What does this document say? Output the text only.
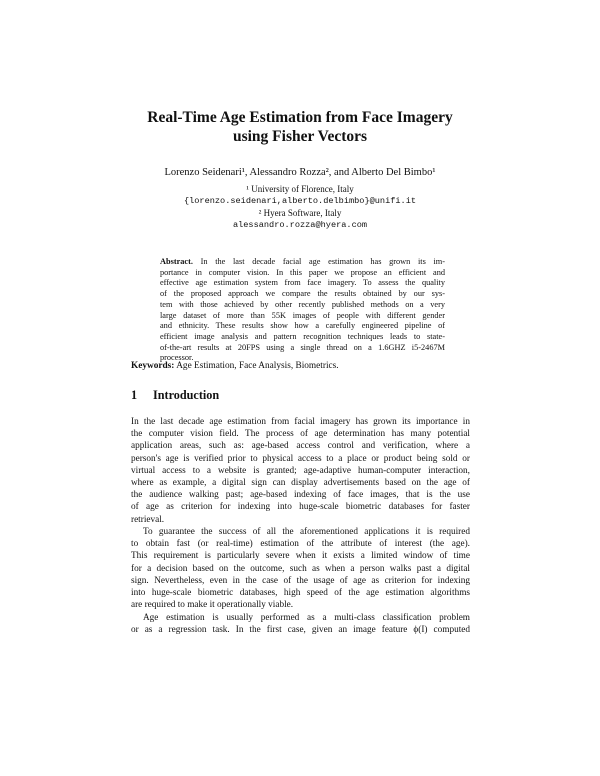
Real-Time Age Estimation from Face Imagery
using Fisher Vectors
Lorenzo Seidenari¹, Alessandro Rozza², and Alberto Del Bimbo¹
¹ University of Florence, Italy
{lorenzo.seidenari,alberto.delbimbo}@unifi.it
² Hyera Software, Italy
alessandro.rozza@hyera.com
Abstract. In the last decade facial age estimation has grown its im-
portance in computer vision. In this paper we propose an efficient and
effective age estimation system from face imagery. To assess the quality
of the proposed approach we compare the results obtained by our sys-
tem with those achieved by other recently published methods on a very
large dataset of more than 55K images of people with different gender
and ethnicity. These results show how a carefully engineered pipeline of
efficient image analysis and pattern recognition techniques leads to state-
of-the-art results at 20FPS using a single thread on a 1.6GHZ i5-2467M
processor.
Keywords: Age Estimation, Face Analysis, Biometrics.
1 Introduction
In the last decade age estimation from facial imagery has grown its importance in
the computer vision field. The process of age determination has many potential
application areas, such as: age-based access control and verification, where a
person's age is verified prior to physical access to a place or product being sold or
virtual access to a website is granted; age-adaptive human-computer interaction,
where as example, a digital sign can display advertisements based on the age of
the audience walking past; age-based indexing of face images, that is the use
of age as criterion for indexing into huge-scale biometric databases for faster
retrieval.
To guarantee the success of all the aforementioned applications it is required
to obtain fast (or real-time) estimation of the attribute of interest (the age).
This requirement is particularly severe when it exists a limited window of time
for a decision based on the outcome, such as when a person walks past a digital
sign. Nevertheless, even in the case of the usage of age as criterion for indexing
into huge-scale biometric databases, high speed of the age estimation algorithms
are required to make it operationally viable.
Age estimation is usually performed as a multi-class classification problem
or as a regression task. In the first case, given an image feature ϕ(I) computed
